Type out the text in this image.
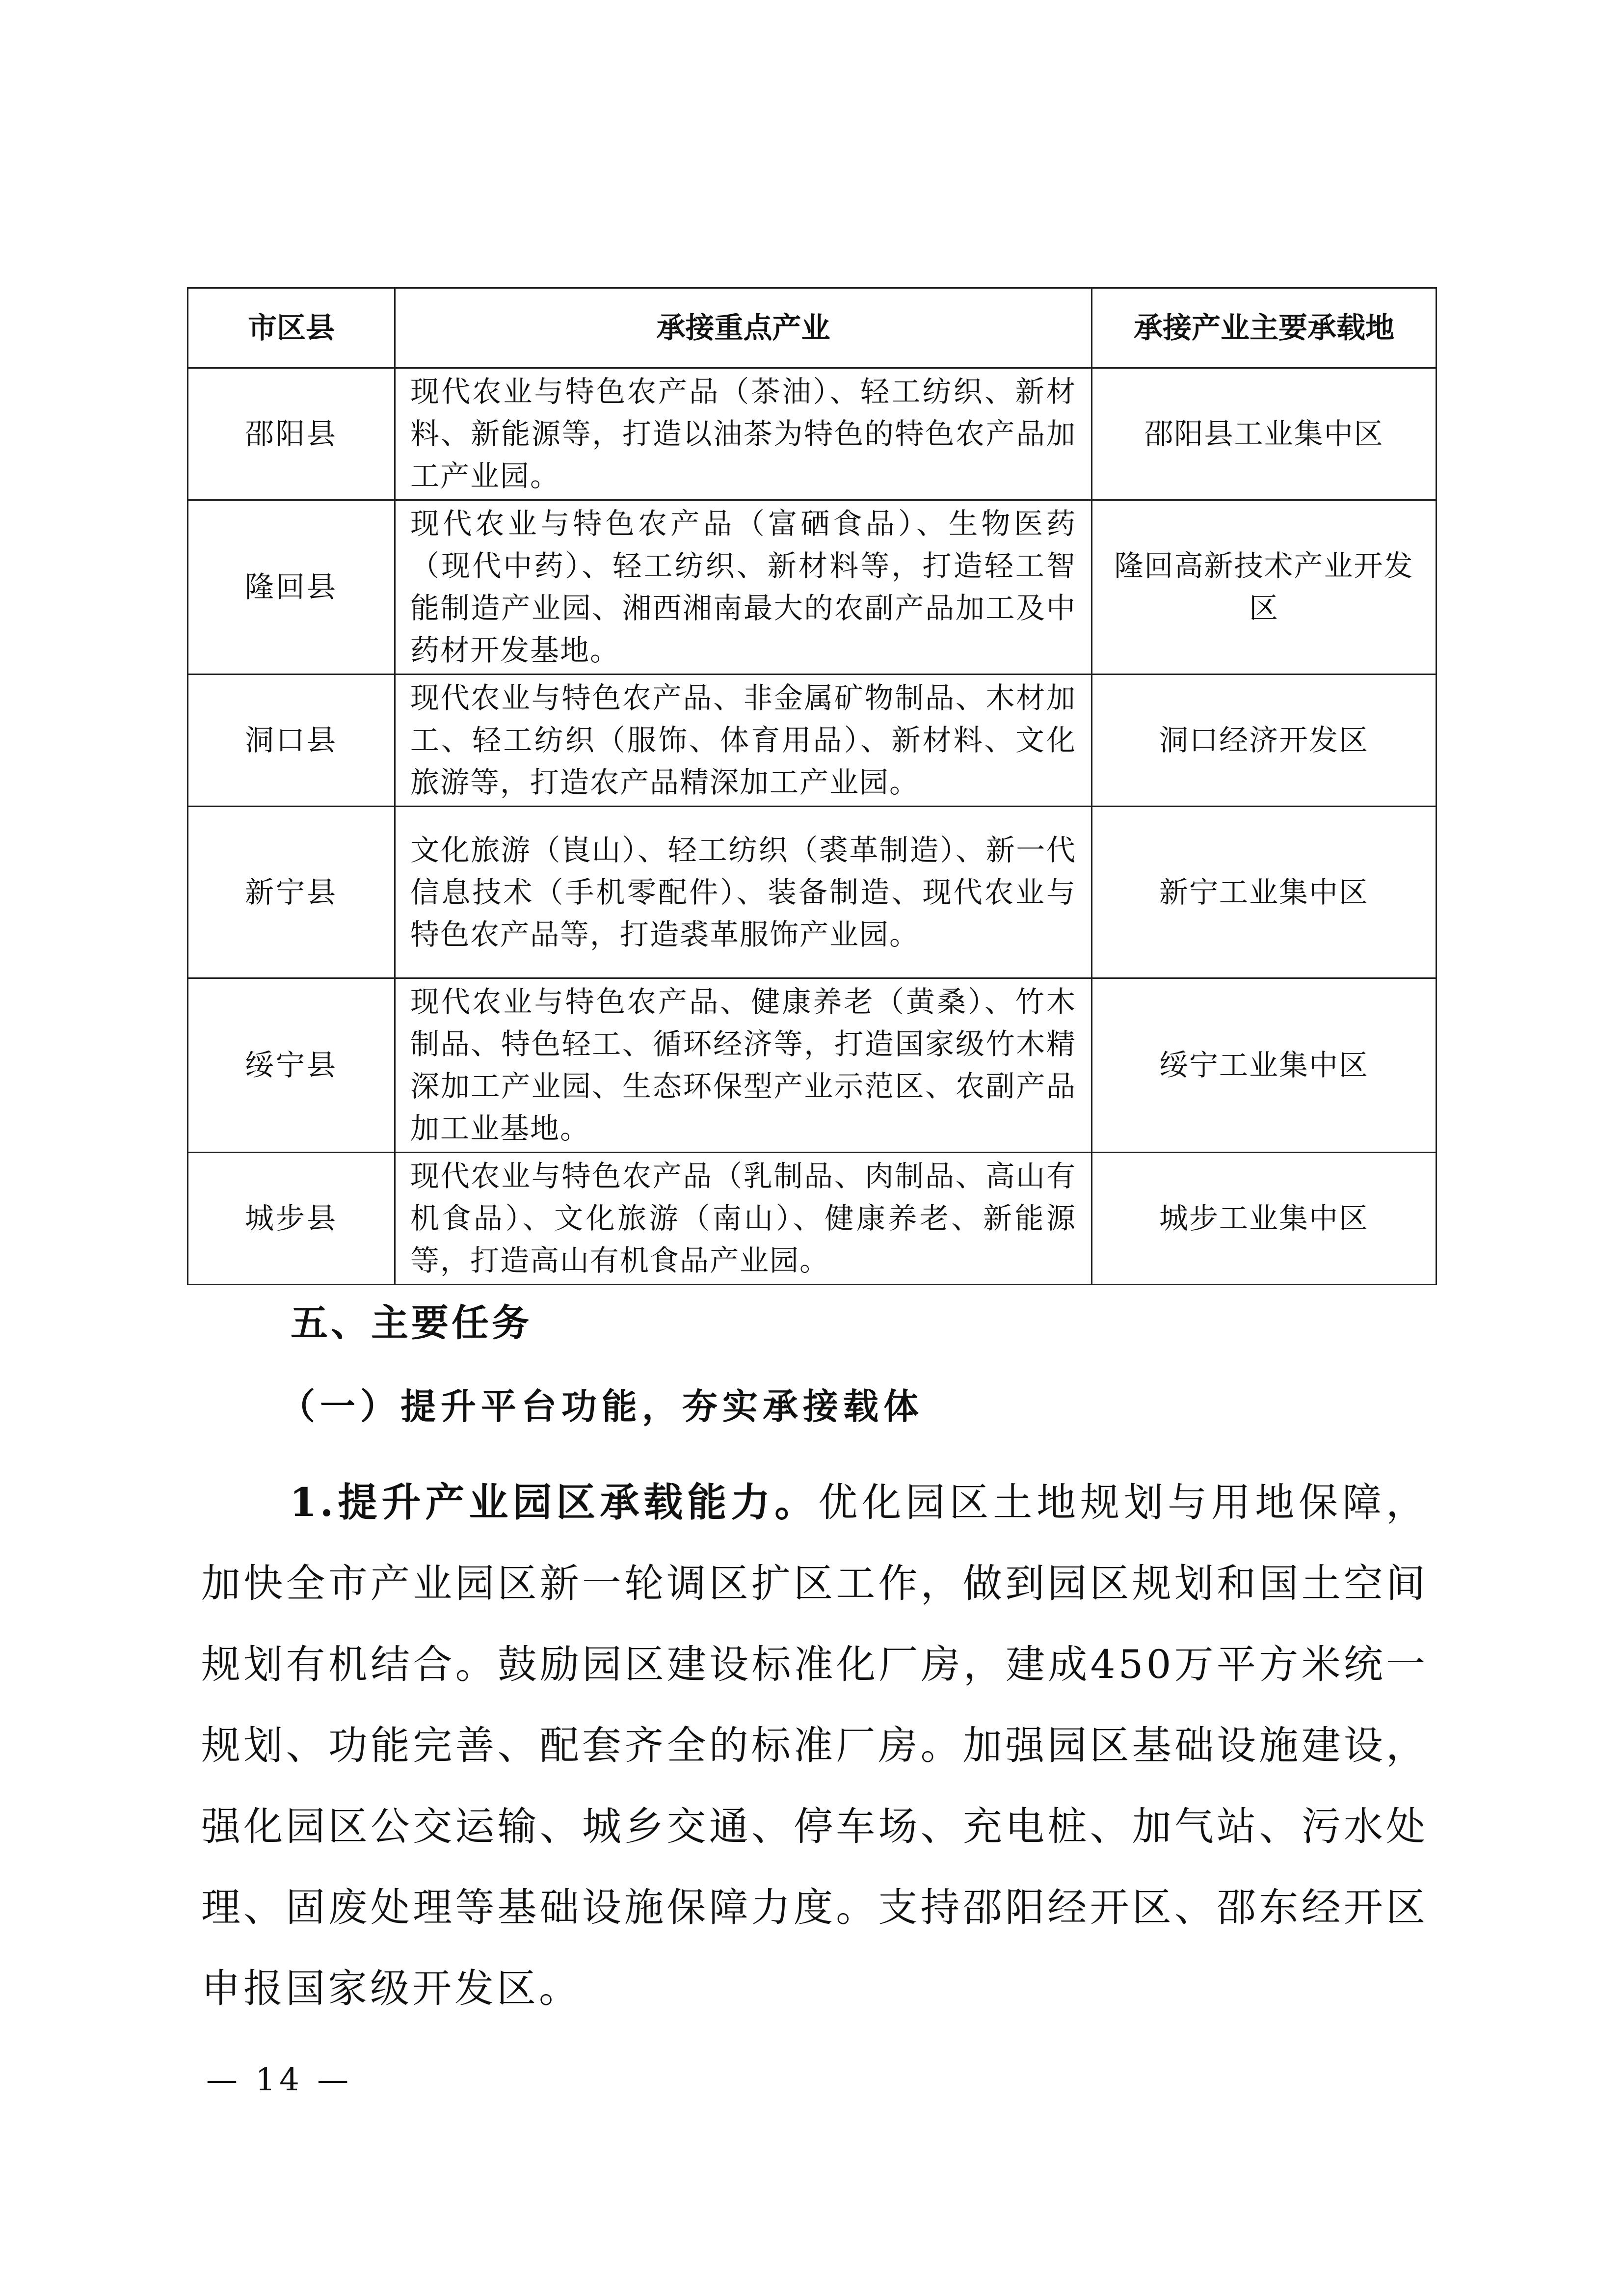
市区县	承接重点产业	承接产业主要承载地
邵阳县	现代农业与特色农产品（茶油）、轻工纺织、新材料、新能源等，打造以油茶为特色的特色农产品加工产业园。	邵阳县工业集中区
隆回县	现代农业与特色农产品（富硒食品）、生物医药（现代中药）、轻工纺织、新材料等，打造轻工智能制造产业园、湘西湘南最大的农副产品加工及中药材开发基地。	隆回高新技术产业开发区
洞口县	现代农业与特色农产品、非金属矿物制品、木材加工、轻工纺织（服饰、体育用品）、新材料、文化旅游等，打造农产品精深加工产业园。	洞口经济开发区
新宁县	文化旅游（崀山）、轻工纺织（裘革制造）、新一代信息技术（手机零配件）、装备制造、现代农业与特色农产品等，打造裘革服饰产业园。	新宁工业集中区
绥宁县	现代农业与特色农产品、健康养老（黄桑）、竹木制品、特色轻工、循环经济等，打造国家级竹木精深加工产业园、生态环保型产业示范区、农副产品加工业基地。	绥宁工业集中区
城步县	现代农业与特色农产品（乳制品、肉制品、高山有机食品）、文化旅游（南山）、健康养老、新能源等，打造高山有机食品产业园。	城步工业集中区
五、主要任务
（一）提升平台功能，夯实承接载体

1.提升产业园区承载能力。优化园区土地规划与用地保障，加快全市产业园区新一轮调区扩区工作，做到园区规划和国土空间规划有机结合。鼓励园区建设标准化厂房，建成450万平方米统一规划、功能完善、配套齐全的标准厂房。加强园区基础设施建设，强化园区公交运输、城乡交通、停车场、充电桩、加气站、污水处理、固废处理等基础设施保障力度。支持邵阳经开区、邵东经开区申报国家级开发区。

— 14 —
